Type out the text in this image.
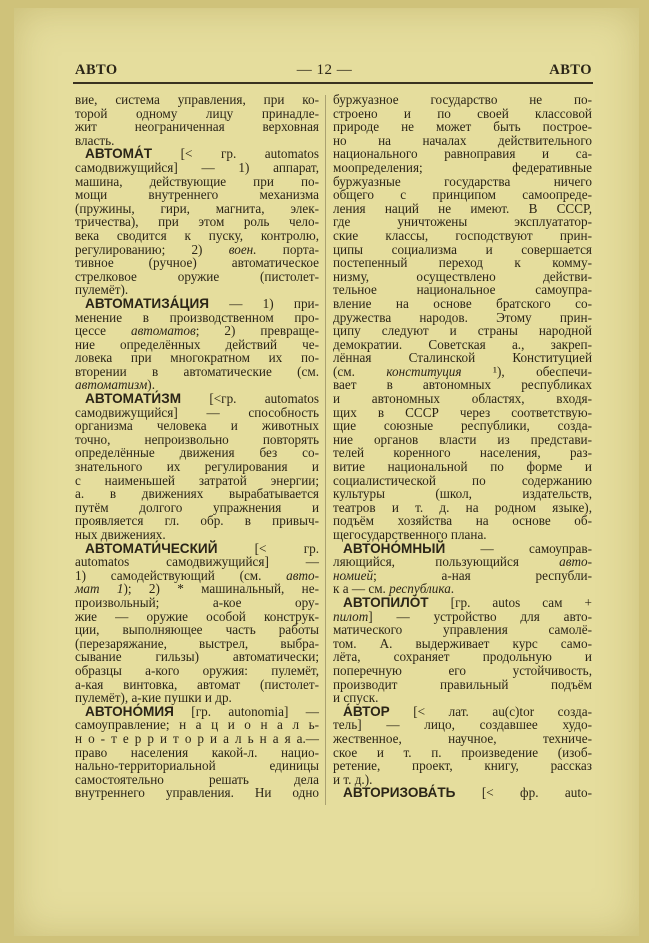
АВТО	— 12 —	АВТО
вие, система управления, при ко-
торой одному лицу принадле-
жит неограниченная верховная
власть.
АВТОМА́Т [< гр. automatos
самодвижущийся] — 1) аппарат,
машина, действующие при по-
мощи внутреннего механизма
(пружины, гири, магнита, элек-
тричества), при этом роль чело-
века сводится к пуску, контролю,
регулированию; 2) воен. порта-
тивное (ручное) автоматическое
стрелковое оружие (пистолет-
пулемёт).
АВТОМАТИЗА́ЦИЯ — 1) при-
менение в производственном про-
цессе автоматов; 2) превраще-
ние определённых действий че-
ловека при многократном их по-
вторении в автоматические (см.
автоматизм).
АВТОМАТИ́ЗМ [<гр. automatos
самодвижущийся] — способность
организма человека и животных
точно, непроизвольно повторять
определённые движения без со-
знательного их регулирования и
с наименьшей затратой энергии;
а. в движениях вырабатывается
путём долгого упражнения и
проявляется гл. обр. в привыч-
ных движениях.
АВТОМАТИ́ЧЕСКИЙ [< гр.
automatos самодвижущийся] —
1) самодействующий (см. авто-
мат 1); 2) * машинальный, не-
произвольный; а-кое ору-
жие — оружие особой конструк-
ции, выполняющее часть работы
(перезаряжание, выстрел, выбра-
сывание гильзы) автоматически;
образцы а-кого оружия: пулемёт,
а-кая винтовка, автомат (пистолет-
пулемёт), а-кие пушки и др.
АВТОНО́МИЯ [гр. autonomia] —
самоуправление; н а ц и о н а л ь-
н о - т е р р и т о р и а л ь н а я а.—
право населения какой-л. нацио-
нально-территориальной единицы
самостоятельно решать дела
внутреннего управления. Ни одно
буржуазное государство не по-
строено и по своей классовой
природе не может быть построе-
но на началах действительного
национального равноправия и са-
моопределения; федеративные
буржуазные государства ничего
общего с принципом самоопреде-
ления наций не имеют. В СССР,
где уничтожены эксплуататор-
ские классы, господствуют прин-
ципы социализма и совершается
постепенный переход к комму-
низму, осуществлено действи-
тельное национальное самоупра-
вление на основе братского со-
дружества народов. Этому прин-
ципу следуют и страны народной
демократии. Советская а., закреп-
лённая Сталинской Конституцией
(см. конституция ¹), обеспечи-
вает в автономных республиках
и автономных областях, входя-
щих в СССР через соответствую-
щие союзные республики, созда-
ние органов власти из представи-
телей коренного населения, раз-
витие национальной по форме и
социалистической по содержанию
культуры (школ, издательств,
театров и т. д. на родном языке),
подъём хозяйства на основе об-
щегосударственного плана.
АВТОНО́МНЫЙ — самоуправ-
ляющийся, пользующийся авто-
номией; а-ная республи-
к а — см. республика.
АВТОПИЛО́Т [гр. autos сам +
пилот] — устройство для авто-
матического управления самолё-
том. А. выдерживает курс само-
лёта, сохраняет продольную и
поперечную его устойчивость,
производит правильный подъём
и спуск.
А́ВТОР [< лат. au(c)tor созда-
тель] — лицо, создавшее худо-
жественное, научное, техниче-
ское и т. п. произведение (изоб-
ретение, проект, книгу, рассказ
и т. д.).
АВТОРИЗОВА́ТЬ [< фр. auto-
